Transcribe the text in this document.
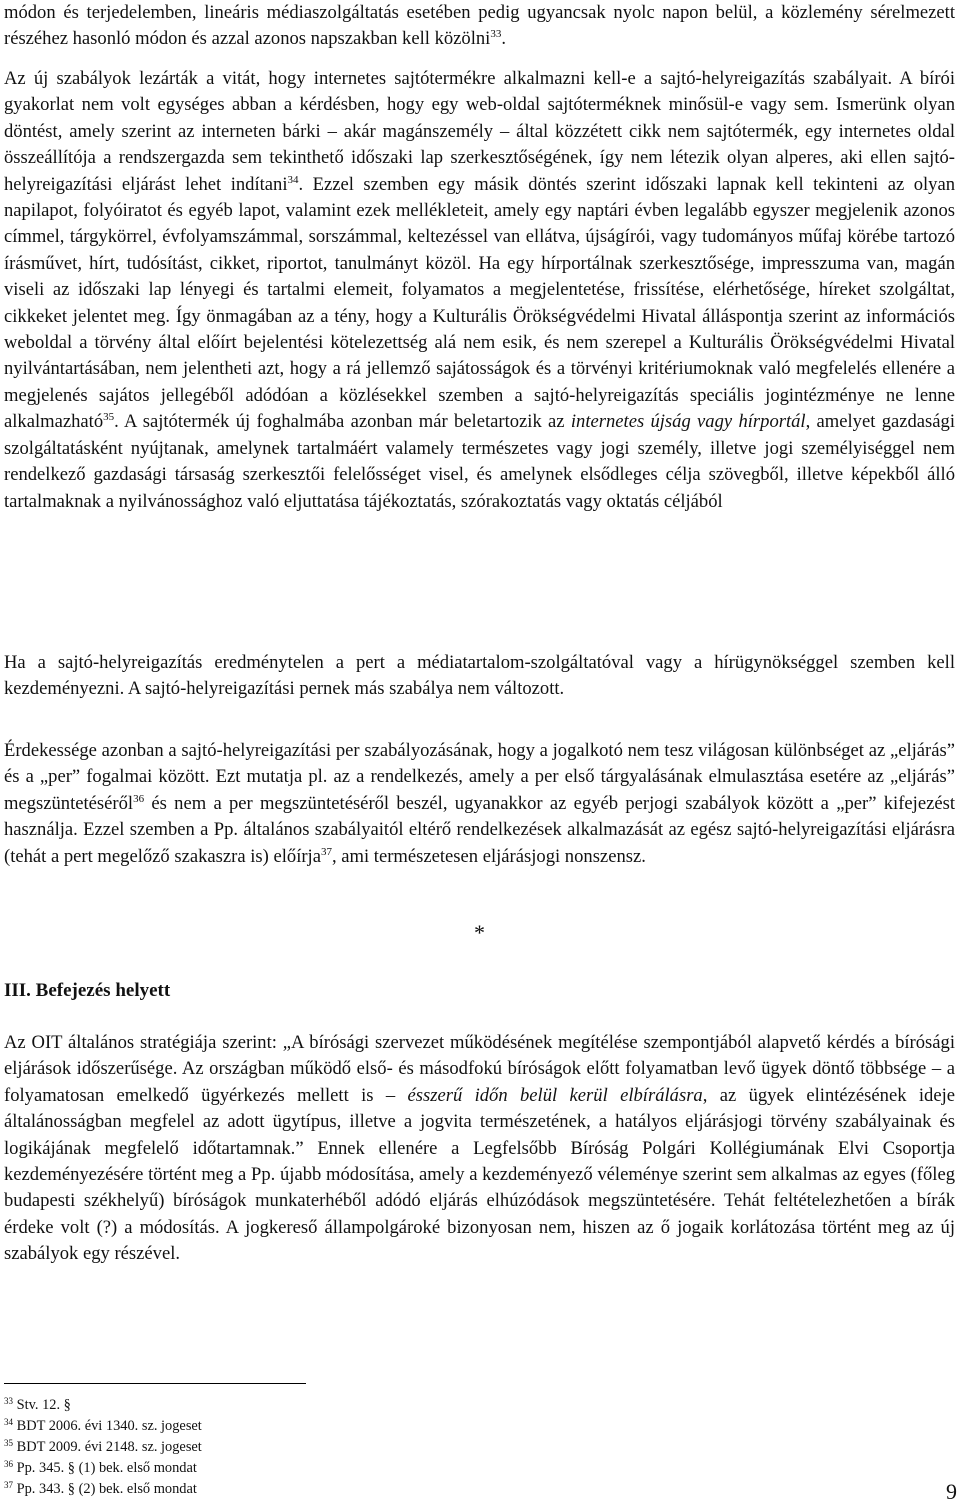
módon és terjedelemben, lineáris médiaszolgáltatás esetében pedig ugyancsak nyolc napon belül, a közlemény sérelmezett részéhez hasonló módon és azzal azonos napszakban kell közölni$^{33}$.

Az új szabályok lezárták a vitát, hogy internetes sajtótermékre alkalmazni kell-e a sajtó-helyreigazítás szabályait. A bírói gyakorlat nem volt egységes abban a kérdésben, hogy egy web-oldal sajtóterméknek minősül-e vagy sem. Ismerünk olyan döntést, amely szerint az interneten bárki – akár magánszemély – által közzétett cikk nem sajtótermék, egy internetes oldal összeállítója a rendszergazda sem tekinthető időszaki lap szerkesztőségének, így nem létezik olyan alperes, aki ellen sajtó-helyreigazítási eljárást lehet indítani$^{34}$. Ezzel szemben egy másik döntés szerint időszaki lapnak kell tekinteni az olyan napilapot, folyóiratot és egyéb lapot, valamint ezek mellékleteit, amely egy naptári évben legalább egyszer megjelenik azonos címmel, tárgykörrel, évfolyamszámmal, sorszámmal, keltezéssel van ellátva, újságírói, vagy tudományos műfaj körébe tartozó írásművet, hírt, tudósítást, cikket, riportot, tanulmányt közöl. Ha egy hírportálnak szerkesztősége, impresszuma van, magán viseli az időszaki lap lényegi és tartalmi elemeit, folyamatos a megjelentetése, frissítése, elérhetősége, híreket szolgáltat, cikkeket jelentet meg. Így önmagában az a tény, hogy a Kulturális Örökségvédelmi Hivatal álláspontja szerint az információs weboldal a törvény által előírt bejelentési kötelezettség alá nem esik, és nem szerepel a Kulturális Örökségvédelmi Hivatal nyilvántartásában, nem jelentheti azt, hogy a rá jellemző sajátosságok és a törvényi kritériumoknak való megfelelés ellenére a megjelenés sajátos jellegéből adódóan a közlésekkel szemben a sajtó-helyreigazítás speciális jogintézménye ne lenne alkalmazható$^{35}$. A sajtótermék új foghalmába azonban már beletartozik az internetes újság vagy hírportál, amelyet gazdasági szolgáltatásként nyújtanak, amelynek tartalmáért valamely természetes vagy jogi személy, illetve jogi személyiséggel nem rendelkező gazdasági társaság szerkesztői felelősséget visel, és amelynek elsődleges célja szövegből, illetve képekből álló tartalmaknak a nyilvánossághoz való eljuttatása tájékoztatás, szórakoztatás vagy oktatás céljából

Ha a sajtó-helyreigazítás eredménytelen a pert a médiatartalom-szolgáltatóval vagy a hírügynökséggel szemben kell kezdeményezni. A sajtó-helyreigazítási pernek más szabálya nem változott.

Érdekessége azonban a sajtó-helyreigazítási per szabályozásának, hogy a jogalkotó nem tesz világosan különbséget az „eljárás” és a „per” fogalmai között. Ezt mutatja pl. az a rendelkezés, amely a per első tárgyalásának elmulasztása esetére az „eljárás” megszüntetéséről$^{36}$ és nem a per megszüntetéséről beszél, ugyanakkor az egyéb perjogi szabályok között a „per” kifejezést használja. Ezzel szemben a Pp. általános szabályaitól eltérő rendelkezések alkalmazását az egész sajtó-helyreigazítási eljárásra (tehát a pert megelőző szakaszra is) előírja$^{37}$, ami természetesen eljárásjogi nonszensz.

*
III. Befejezés helyett

Az OIT általános stratégiája szerint: „A bírósági szervezet működésének megítélése szempontjából alapvető kérdés a bírósági eljárások időszerűsége. Az országban működő első- és másodfokú bíróságok előtt folyamatban levő ügyek döntő többsége – a folyamatosan emelkedő ügyérkezés mellett is – ésszerű időn belül kerül elbírálásra, az ügyek elintézésének ideje általánosságban megfelel az adott ügytípus, illetve a jogvita természetének, a hatályos eljárásjogi törvény szabályainak és logikájának megfelelő időtartamnak.” Ennek ellenére a Legfelsőbb Bíróság Polgári Kollégiumának Elvi Csoportja kezdeményezésére történt meg a Pp. újabb módosítása, amely a kezdeményező véleménye szerint sem alkalmas az egyes (főleg budapesti székhelyű) bíróságok munkaterhéből adódó eljárás elhúzódások megszüntetésére. Tehát feltételezhetően a bírák érdeke volt (?) a módosítás. A jogkereső állampolgároké bizonyosan nem, hiszen az ő jogaik korlátozása történt meg az új szabályok egy részével.

$^{33}$ Stv. 12. §
$^{34}$ BDT 2006. évi 1340. sz. jogeset
$^{35}$ BDT 2009. évi 2148. sz. jogeset
$^{36}$ Pp. 345. § (1) bek. első mondat
$^{37}$ Pp. 343. § (2) bek. első mondat	9
